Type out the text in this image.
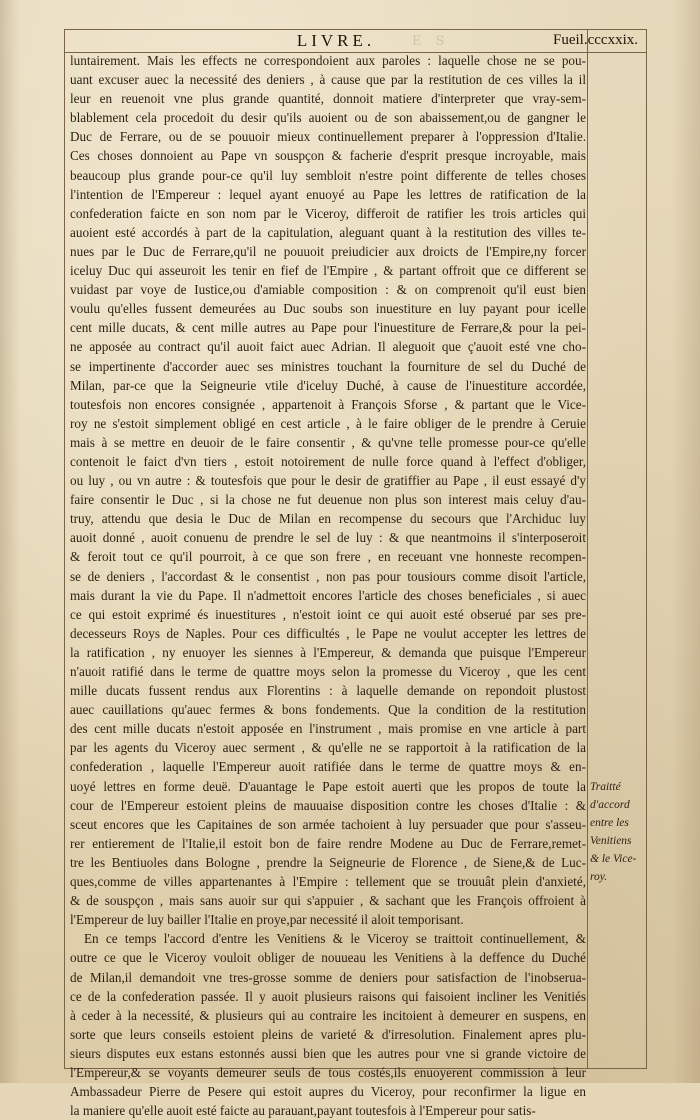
LIVRE.	E S	Fueil.cccxxix.
luntairement. Mais les effects ne correspondoient aux paroles : laquelle chose ne se pou-
uant excuser auec la necessité des deniers , à cause que par la restitution de ces villes la il
leur en reuenoit vne plus grande quantité, donnoit matiere d'interpreter que vray-sem-
blablement cela procedoit du desir qu'ils auoient ou de son abaissement,ou de gangner le
Duc de Ferrare, ou de se pouuoir mieux continuellement preparer à l'oppression d'Italie.
Ces choses donnoient au Pape vn souspçon & facherie d'esprit presque incroyable, mais
beaucoup plus grande pour-ce qu'il luy sembloit n'estre point differente de telles choses
l'intention de l'Empereur : lequel ayant enuoyé au Pape les lettres de ratification de la
confederation faicte en son nom par le Viceroy, differoit de ratifier les trois articles qui
auoient esté accordés à part de la capitulation, aleguant quant à la restitution des villes te-
nues par le Duc de Ferrare,qu'il ne pouuoit preiudicier aux droicts de l'Empire,ny forcer
iceluy Duc qui asseuroit les tenir en fief de l'Empire , & partant offroit que ce different se
vuidast par voye de Iustice,ou d'amiable composition : & on comprenoit qu'il eust bien
voulu qu'elles fussent demeurées au Duc soubs son inuestiture en luy payant pour icelle
cent mille ducats, & cent mille autres au Pape pour l'inuestiture de Ferrare,& pour la pei-
ne apposée au contract qu'il auoit faict auec Adrian. Il aleguoit que ç'auoit esté vne cho-
se impertinente d'accorder auec ses ministres touchant la fourniture de sel du Duché de
Milan, par-ce que la Seigneurie vtile d'iceluy Duché, à cause de l'inuestiture accordée,
toutesfois non encores consignée , appartenoit à François Sforse , & partant que le Vice-
roy ne s'estoit simplement obligé en cest article , à le faire obliger de le prendre à Ceruie
mais à se mettre en deuoir de le faire consentir , & qu'vne telle promesse pour-ce qu'elle
contenoit le faict d'vn tiers , estoit notoirement de nulle force quand à l'effect d'obliger,
ou luy , ou vn autre : & toutesfois que pour le desir de gratiffier au Pape , il eust essayé d'y
faire consentir le Duc , si la chose ne fut deuenue non plus son interest mais celuy d'au-
truy, attendu que desia le Duc de Milan en recompense du secours que l'Archiduc luy
auoit donné , auoit conuenu de prendre le sel de luy : & que neantmoins il s'interposeroit
& feroit tout ce qu'il pourroit, à ce que son frere , en receuant vne honneste recompen-
se de deniers , l'accordast & le consentist , non pas pour tousiours comme disoit l'article,
mais durant la vie du Pape. Il n'admettoit encores l'article des choses beneficiales , si auec
ce qui estoit exprimé és inuestitures , n'estoit ioint ce qui auoit esté obserué par ses pre-
decesseurs Roys de Naples. Pour ces difficultés , le Pape ne voulut accepter les lettres de
la ratification , ny enuoyer les siennes à l'Empereur, & demanda que puisque l'Empereur
n'auoit ratifié dans le terme de quattre moys selon la promesse du Viceroy , que les cent
mille ducats fussent rendus aux Florentins : à laquelle demande on repondoit plustost
auec cauillations qu'auec fermes & bons fondements. Que la condition de la restitution
des cent mille ducats n'estoit apposée en l'instrument , mais promise en vne article à part
par les agents du Viceroy auec serment , & qu'elle ne se rapportoit à la ratification de la
confederation , laquelle l'Empereur auoit ratifiée dans le terme de quattre moys & en-
uoyé lettres en forme deuë. D'auantage le Pape estoit auerti que les propos de toute la
cour de l'Empereur estoient pleins de mauuaise disposition contre les choses d'Italie : &
sceut encores que les Capitaines de son armée tachoient à luy persuader que pour s'asseu-
rer entierement de l'Italie,il estoit bon de faire rendre Modene au Duc de Ferrare,remet-
tre les Bentiuoles dans Bologne , prendre la Seigneurie de Florence , de Siene,& de Luc-
ques,comme de villes appartenantes à l'Empire : tellement que se trouuât plein d'anxieté,
& de souspçon , mais sans auoir sur qui s'appuier , & sachant que les François offroient à
l'Empereur de luy bailler l'Italie en proye,par necessité il aloit temporisant.
En ce temps l'accord d'entre les Venitiens & le Viceroy se traittoit continuellement, &
outre ce que le Viceroy vouloit obliger de nouueau les Venitiens à la deffence du Duché
de Milan,il demandoit vne tres-grosse somme de deniers pour satisfaction de l'inobserua-
ce de la confederation passée. Il y auoit plusieurs raisons qui faisoient incliner les Venitiés
à ceder à la necessité, & plusieurs qui au contraire les incitoient à demeurer en suspens, en
sorte que leurs conseils estoient pleins de varieté & d'irresolution. Finalement apres plu-
sieurs disputes eux estans estonnés aussi bien que les autres pour vne si grande victoire de
l'Empereur,& se voyants demeurer seuls de tous costés,ils enuoyerent commission à leur
Ambassadeur Pierre de Pesere qui estoit aupres du Viceroy, pour reconfirmer la ligue en
la maniere qu'elle auoit esté faicte au parauant,payant toutesfois à l'Empereur pour satis-
Traitté
d'accord
entre les
Venitiens
& le Vice-
roy.
